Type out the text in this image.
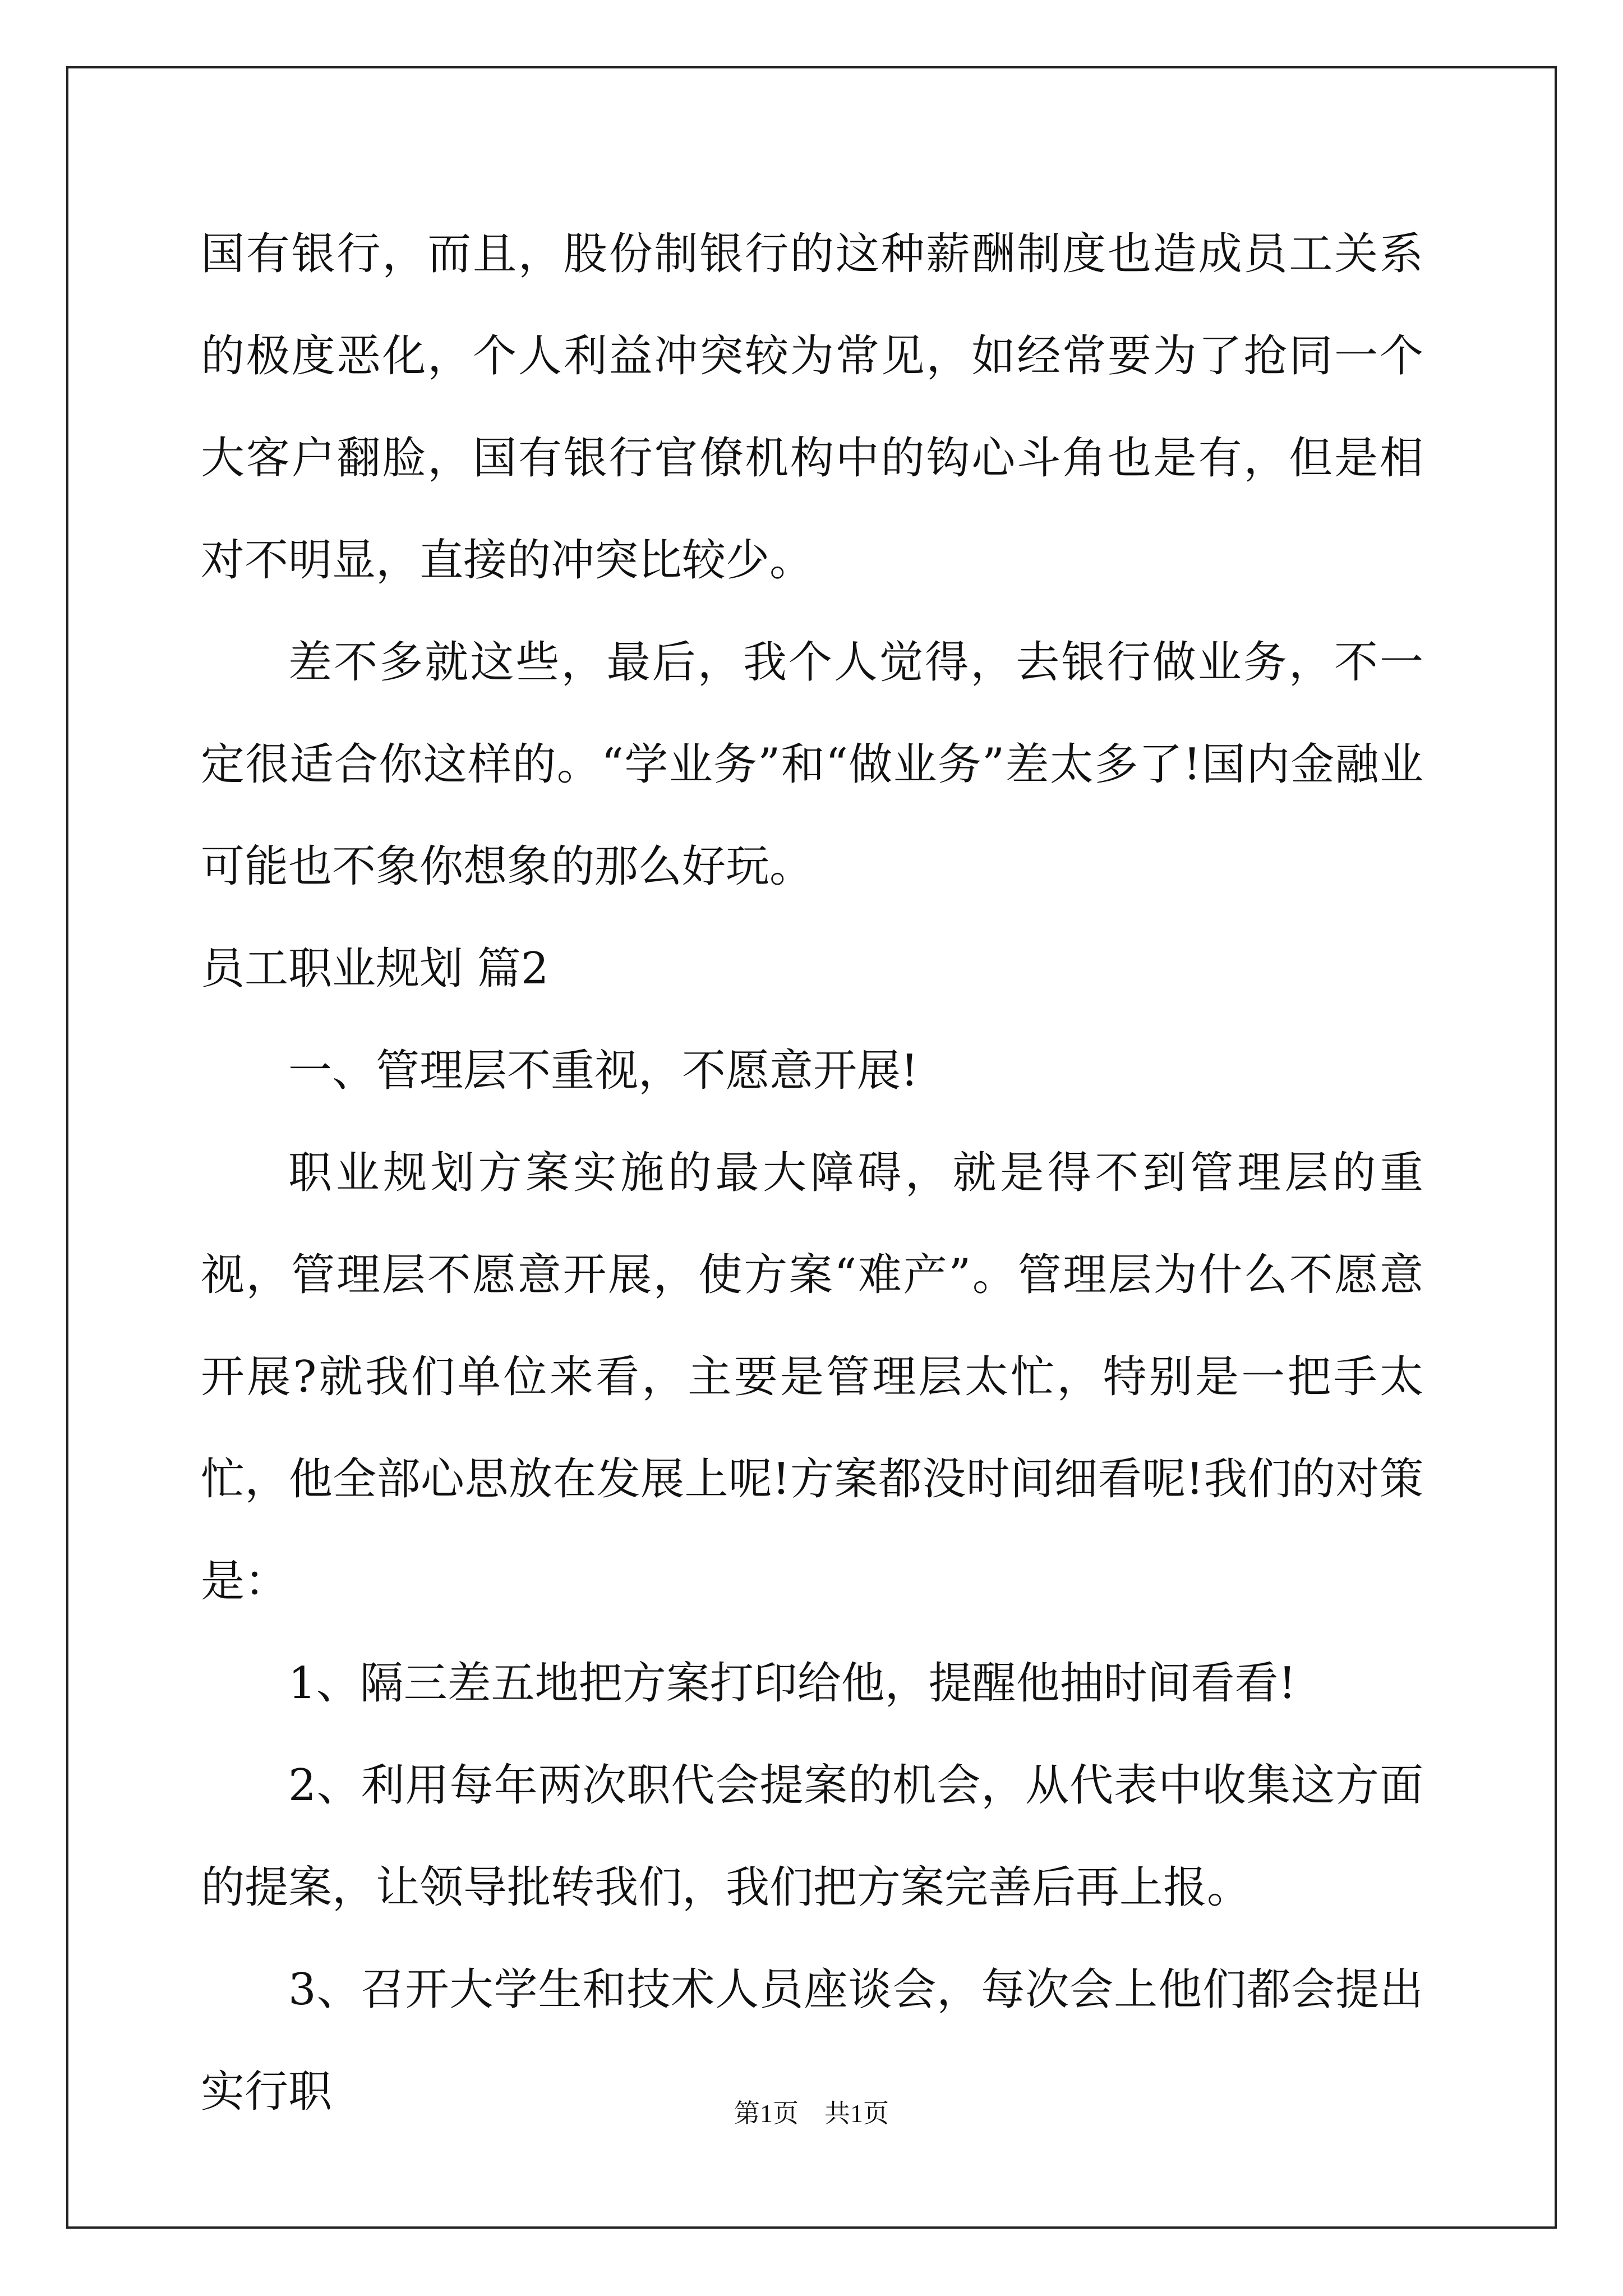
国有银行，而且，股份制银行的这种薪酬制度也造成员工关系的极度恶化，个人利益冲突较为常见，如经常要为了抢同一个大客户翻脸，国有银行官僚机构中的钩心斗角也是有，但是相对不明显，直接的冲突比较少。

差不多就这些，最后，我个人觉得，去银行做业务，不一定很适合你这样的。“学业务”和“做业务”差太多了!国内金融业可能也不象你想象的那么好玩。

员工职业规划 篇2

一、管理层不重视，不愿意开展!

职业规划方案实施的最大障碍，就是得不到管理层的重视，管理层不愿意开展，使方案“难产”。管理层为什么不愿意开展?就我们单位来看，主要是管理层太忙，特别是一把手太忙，他全部心思放在发展上呢!方案都没时间细看呢!我们的对策是：

1、隔三差五地把方案打印给他，提醒他抽时间看看!

2、利用每年两次职代会提案的机会，从代表中收集这方面的提案，让领导批转我们，我们把方案完善后再上报。

3、召开大学生和技术人员座谈会，每次会上他们都会提出实行职	第1页　共1页
